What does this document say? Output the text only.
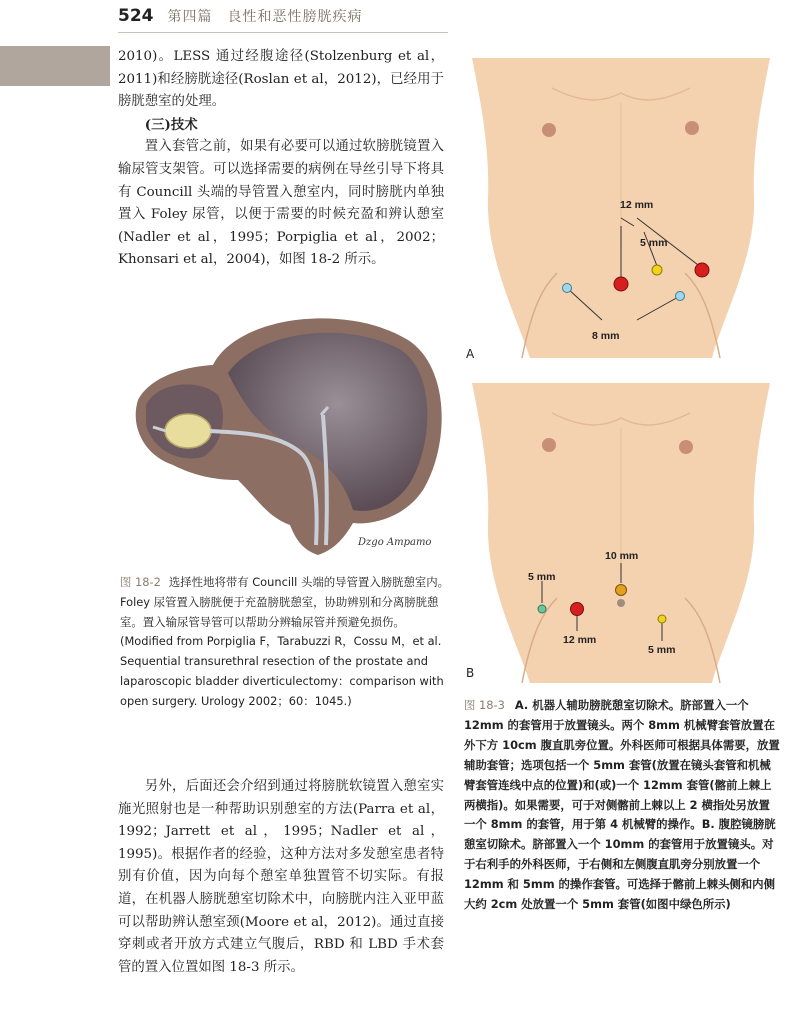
524 第四篇　良性和恶性膀胱疾病

2010)。LESS 通过经腹途径(Stolzenburg et al，2011)和经膀胱途径(Roslan et al，2012)，已经用于膀胱憩室的处理。

(三)技术

置入套管之前，如果有必要可以通过软膀胱镜置入输尿管支架管。可以选择需要的病例在导丝引导下将具有 Councill 头端的导管置入憩室内，同时膀胱内单独置入 Foley 尿管，以便于需要的时候充盈和辨认憩室(Nadler et al，1995；Porpiglia et al，2002；Khonsari et al，2004)，如图 18-2 所示。

Dzgo Ampamo
图 18-2 选择性地将带有 Councill 头端的导管置入膀胱憩室内。Foley 尿管置入膀胱便于充盈膀胱憩室，协助辨别和分离膀胱憩室。置入输尿管导管可以帮助分辨输尿管并预避免损伤。(Modified from Porpiglia F，Tarabuzzi R，Cossu M，et al. Sequential transurethral resection of the prostate and laparoscopic bladder diverticulectomy：comparison with open surgery. Urology 2002；60：1045.)

另外，后面还会介绍到通过将膀胱软镜置入憩室实施光照射也是一种帮助识别憩室的方法(Parra et al，1992；Jarrett et al，1995；Nadler et al，1995)。根据作者的经验，这种方法对多发憩室患者特别有价值，因为向每个憩室单独置管不切实际。有报道，在机器人膀胱憩室切除术中，向膀胱内注入亚甲蓝可以帮助辨认憩室颈(Moore et al，2012)。通过直接穿刺或者开放方式建立气腹后，RBD 和 LBD 手术套管的置入位置如图 18-3 所示。

12 mm
5 mm
8 mm
A
10 mm
5 mm
12 mm
5 mm
B
图 18-3 A. 机器人辅助膀胱憩室切除术。脐部置入一个 12mm 的套管用于放置镜头。两个 8mm 机械臂套管放置在外下方 10cm 腹直肌旁位置。外科医师可根据具体需要，放置辅助套管；选项包括一个 5mm 套管(放置在镜头套管和机械臂套管连线中点的位置)和(或)一个 12mm 套管(髂前上棘上两横指)。如果需要，可于对侧髂前上棘以上 2 横指处另放置一个 8mm 的套管，用于第 4 机械臂的操作。B. 腹腔镜膀胱憩室切除术。脐部置入一个 10mm 的套管用于放置镜头。对于右利手的外科医师，于右侧和左侧腹直肌旁分别放置一个 12mm 和 5mm 的操作套管。可选择于髂前上棘头侧和内侧大约 2cm 处放置一个 5mm 套管(如图中绿色所示)
